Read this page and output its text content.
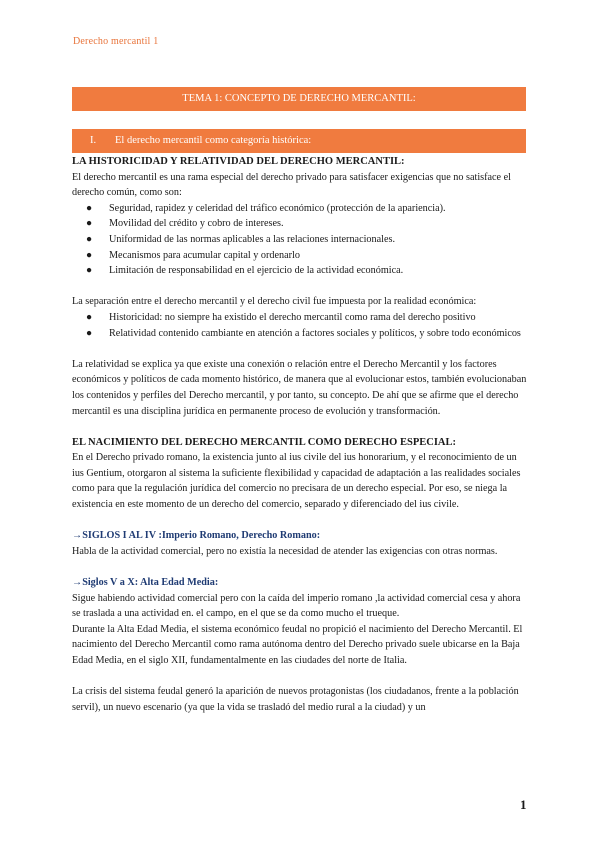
Derecho mercantil 1
TEMA 1: CONCEPTO DE DERECHO MERCANTIL:
I. El derecho mercantil como categoría histórica:
LA HISTORICIDAD Y RELATIVIDAD DEL DERECHO MERCANTIL:

El derecho mercantil es una rama especial del derecho privado para satisfacer exigencias que no satisface el derecho común, como son:

● Seguridad, rapidez y celeridad del tráfico económico (protección de la apariencia).
● Movilidad del crédito y cobro de intereses.
● Uniformidad de las normas aplicables a las relaciones internacionales.
● Mecanismos para acumular capital y ordenarlo
● Limitación de responsabilidad en el ejercicio de la actividad económica.

La separación entre el derecho mercantil y el derecho civil fue impuesta por la realidad económica:

● Historicidad: no siempre ha existido el derecho mercantil como rama del derecho positivo
● Relatividad contenido cambiante en atención a factores sociales y políticos, y sobre todo económicos

La relatividad se explica ya que existe una conexión o relación entre el Derecho Mercantil y los factores económicos y políticos de cada momento histórico, de manera que al evolucionar estos, también evolucionaban los contenidos y perfiles del Derecho mercantil, y por tanto, su concepto. De ahí que se afirme que el derecho mercantil es una disciplina jurídica en permanente proceso de evolución y transformación.

EL NACIMIENTO DEL DERECHO MERCANTIL COMO DERECHO ESPECIAL:

En el Derecho privado romano, la existencia junto al ius civile del ius honorarium, y el reconocimiento de un ius Gentium, otorgaron al sistema la suficiente flexibilidad y capacidad de adaptación a las realidades sociales como para que la regulación jurídica del comercio no precisara de un derecho especial. Por eso, se niega la existencia en este momento de un derecho del comercio, separado y diferenciado del ius civile.

→SIGLOS I AL IV :Imperio Romano, Derecho Romano:

Habla de la actividad comercial, pero no existía la necesidad de atender las exigencias con otras normas.

→Siglos V a X: Alta Edad Media:

Sigue habiendo actividad comercial pero con la caída del imperio romano ,la actividad comercial cesa y ahora se traslada a una actividad en. el campo, en el que se da como mucho el trueque.

Durante la Alta Edad Media, el sistema económico feudal no propició el nacimiento del Derecho Mercantil. El nacimiento del Derecho Mercantil como rama autónoma dentro del Derecho privado suele ubicarse en la Baja Edad Media, en el siglo XII, fundamentalmente en las ciudades del norte de Italia.

La crisis del sistema feudal generó la aparición de nuevos protagonistas (los ciudadanos, frente a la población servil), un nuevo escenario (ya que la vida se trasladó del medio rural a la ciudad) y un

1
